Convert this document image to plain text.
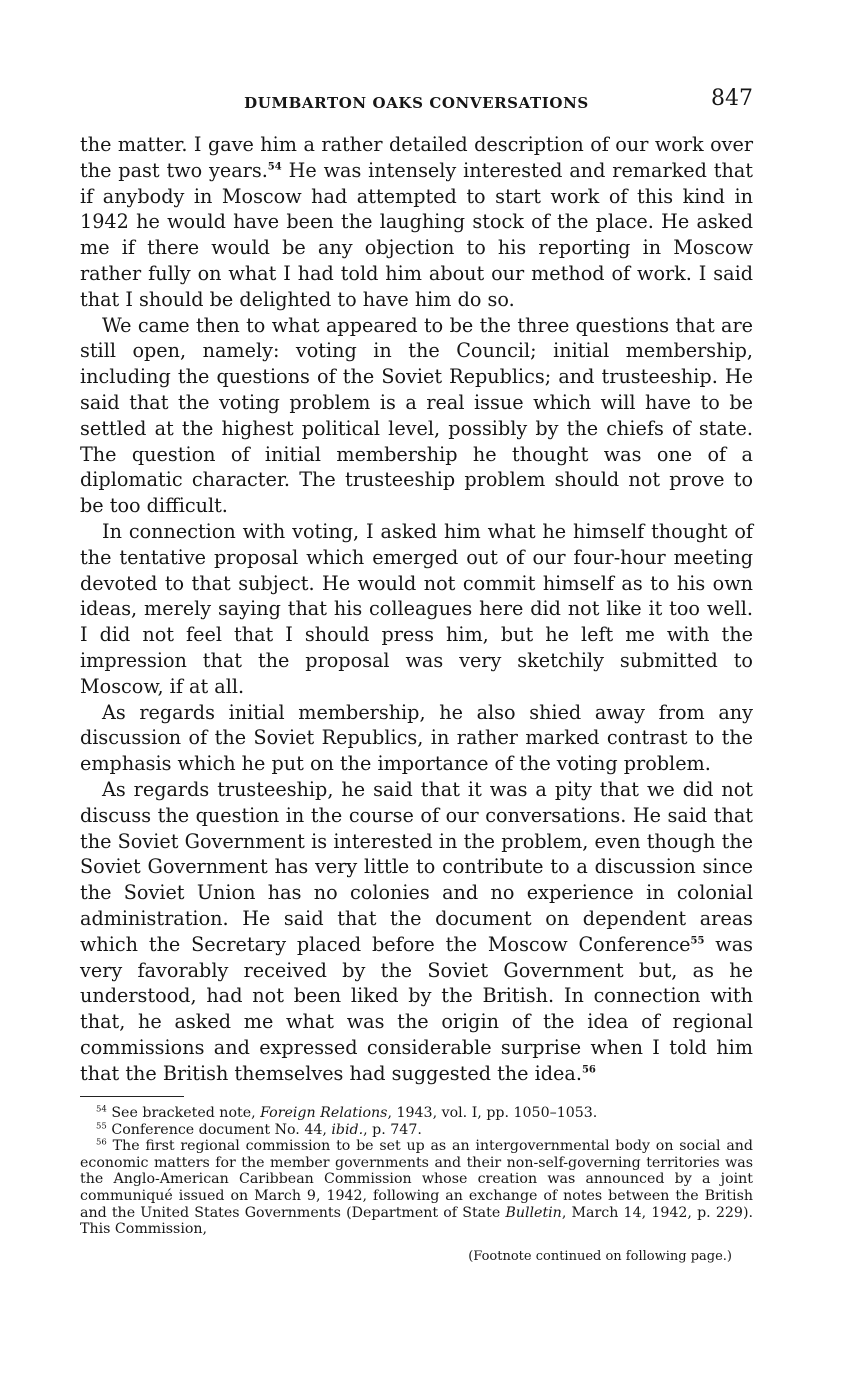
DUMBARTON OAKS CONVERSATIONS	847

the matter. I gave him a rather detailed description of our work over the past two years.$^{54}$ He was intensely interested and remarked that if anybody in Moscow had attempted to start work of this kind in 1942 he would have been the laughing stock of the place. He asked me if there would be any objection to his reporting in Moscow rather fully on what I had told him about our method of work. I said that I should be delighted to have him do so.

We came then to what appeared to be the three questions that are still open, namely: voting in the Council; initial membership, including the questions of the Soviet Republics; and trusteeship. He said that the voting problem is a real issue which will have to be settled at the highest political level, possibly by the chiefs of state. The question of initial membership he thought was one of a diplomatic character. The trusteeship problem should not prove to be too difficult.

In connection with voting, I asked him what he himself thought of the tentative proposal which emerged out of our four-hour meeting devoted to that subject. He would not commit himself as to his own ideas, merely saying that his colleagues here did not like it too well. I did not feel that I should press him, but he left me with the impression that the proposal was very sketchily submitted to Moscow, if at all.

As regards initial membership, he also shied away from any discussion of the Soviet Republics, in rather marked contrast to the emphasis which he put on the importance of the voting problem.

As regards trusteeship, he said that it was a pity that we did not discuss the question in the course of our conversations. He said that the Soviet Government is interested in the problem, even though the Soviet Government has very little to contribute to a discussion since the Soviet Union has no colonies and no experience in colonial administration. He said that the document on dependent areas which the Secretary placed before the Moscow Conference$^{55}$ was very favorably received by the Soviet Government but, as he understood, had not been liked by the British. In connection with that, he asked me what was the origin of the idea of regional commissions and expressed considerable surprise when I told him that the British themselves had suggested the idea.$^{56}$

$^{54}$ See bracketed note, Foreign Relations, 1943, vol. I, pp. 1050–1053.

$^{55}$ Conference document No. 44, ibid., p. 747.

$^{56}$ The first regional commission to be set up as an intergovernmental body on social and economic matters for the member governments and their non-self-governing territories was the Anglo-American Caribbean Commission whose creation was announced by a joint communiqué issued on March 9, 1942, following an exchange of notes between the British and the United States Governments (Department of State Bulletin, March 14, 1942, p. 229). This Commission,

(Footnote continued on following page.)
